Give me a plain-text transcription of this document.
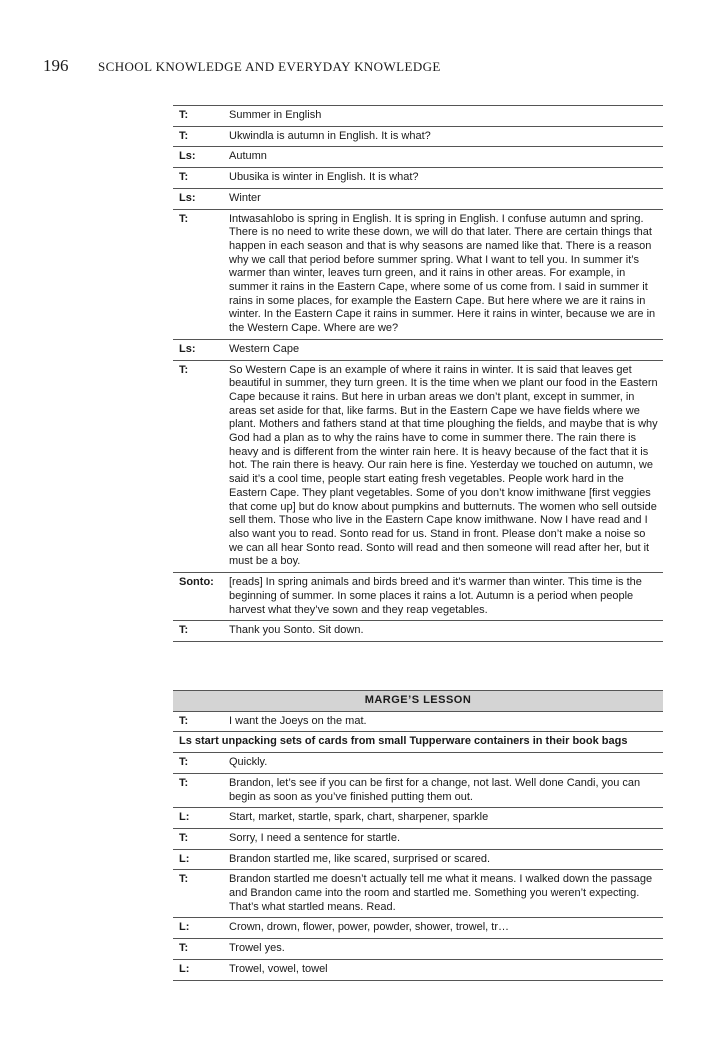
196 SCHOOL KNOWLEDGE AND EVERYDAY KNOWLEDGE
T:	Summer in English
T:	Ukwindla is autumn in English. It is what?
Ls:	Autumn
T:	Ubusika is winter in English. It is what?
Ls:	Winter
T:	Intwasahlobo is spring in English. It is spring in English. I confuse autumn and spring. There is no need to write these down, we will do that later. There are certain things that happen in each season and that is why seasons are named like that. There is a reason why we call that period before summer spring. What I want to tell you. In summer it’s warmer than winter, leaves turn green, and it rains in other areas. For example, in summer it rains in the Eastern Cape, where some of us come from. I said in summer it rains in some places, for example the Eastern Cape. But here where we are it rains in winter. In the Eastern Cape it rains in summer. Here it rains in winter, because we are in the Western Cape. Where are we?
Ls:	Western Cape
T:	So Western Cape is an example of where it rains in winter. It is said that leaves get beautiful in summer, they turn green. It is the time when we plant our food in the Eastern Cape because it rains. But here in urban areas we don’t plant, except in summer, in areas set aside for that, like farms. But in the Eastern Cape we have fields where we plant. Mothers and fathers stand at that time ploughing the fields, and maybe that is why God had a plan as to why the rains have to come in summer there. The rain there is heavy and is different from the winter rain here. It is heavy because of the fact that it is hot. The rain there is heavy. Our rain here is fine. Yesterday we touched on autumn, we said it’s a cool time, people start eating fresh vegetables. People work hard in the Eastern Cape. They plant vegetables. Some of you don’t know imithwane [first veggies that come up] but do know about pumpkins and butternuts. The women who sell outside sell them. Those who live in the Eastern Cape know imithwane. Now I have read and I also want you to read. Sonto read for us. Stand in front. Please don’t make a noise so we can all hear Sonto read. Sonto will read and then someone will read after her, but it must be a boy.
Sonto:	[reads] In spring animals and birds breed and it’s warmer than winter. This time is the beginning of summer. In some places it rains a lot. Autumn is a period when people harvest what they’ve sown and they reap vegetables.
T:	Thank you Sonto. Sit down.
MARGE’S LESSON	
T:	I want the Joeys on the mat.
Ls start unpacking sets of cards from small Tupperware containers in their book bags	
T:	Quickly.
T:	Brandon, let’s see if you can be first for a change, not last. Well done Candi, you can begin as soon as you’ve finished putting them out.
L:	Start, market, startle, spark, chart, sharpener, sparkle
T:	Sorry, I need a sentence for startle.
L:	Brandon startled me, like scared, surprised or scared.
T:	Brandon startled me doesn’t actually tell me what it means. I walked down the passage and Brandon came into the room and startled me. Something you weren’t expecting. That’s what startled means. Read.
L:	Crown, drown, flower, power, powder, shower, trowel, tr…
T:	Trowel yes.
L:	Trowel, vowel, towel
